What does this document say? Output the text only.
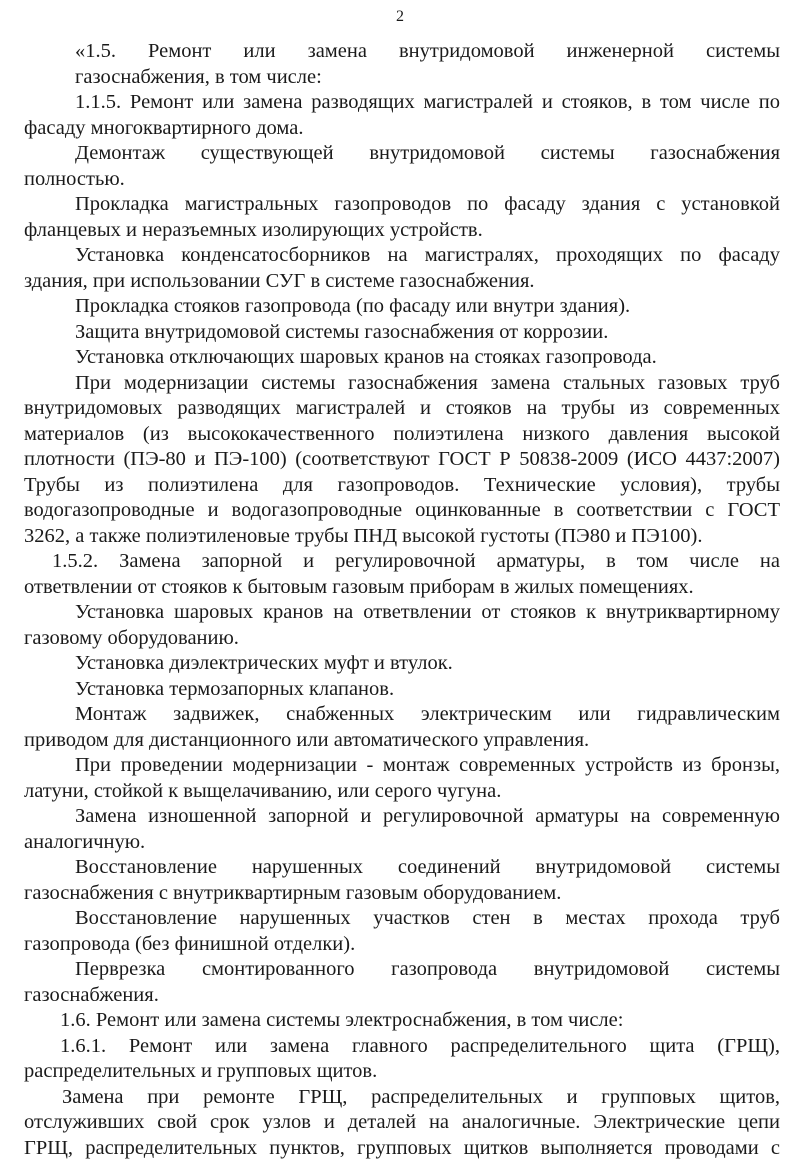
2
«1.5. Ремонт или замена внутридомовой инженерной системы
газоснабжения, в том числе:
1.1.5. Ремонт или замена разводящих магистралей и стояков, в том числе по
фасаду многоквартирного дома.
Демонтаж существующей внутридомовой системы газоснабжения
полностью.
Прокладка магистральных газопроводов по фасаду здания с установкой
фланцевых и неразъемных изолирующих устройств.
Установка конденсатосборников на магистралях, проходящих по фасаду
здания, при использовании СУГ в системе газоснабжения.
Прокладка стояков газопровода (по фасаду или внутри здания).
Защита внутридомовой системы газоснабжения от коррозии.
Установка отключающих шаровых кранов на стояках газопровода.
При модернизации системы газоснабжения замена стальных газовых труб
внутридомовых разводящих магистралей и стояков на трубы из современных
материалов (из высококачественного полиэтилена низкого давления высокой
плотности (ПЭ-80 и ПЭ-100) (соответствуют ГОСТ Р 50838-2009 (ИСО 4437:2007)
Трубы из полиэтилена для газопроводов. Технические условия), трубы
водогазопроводные и водогазопроводные оцинкованные в соответствии с ГОСТ
3262, а также полиэтиленовые трубы ПНД высокой густоты (ПЭ80 и ПЭ100).
1.5.2. Замена запорной и регулировочной арматуры, в том числе на
ответвлении от стояков к бытовым газовым приборам в жилых помещениях.
Установка шаровых кранов на ответвлении от стояков к внутриквартирному
газовому оборудованию.
Установка диэлектрических муфт и втулок.
Установка термозапорных клапанов.
Монтаж задвижек, снабженных электрическим или гидравлическим
приводом для дистанционного или автоматического управления.
При проведении модернизации - монтаж современных устройств из бронзы,
латуни, стойкой к выщелачиванию, или серого чугуна.
Замена изношенной запорной и регулировочной арматуры на современную
аналогичную.
Восстановление нарушенных соединений внутридомовой системы
газоснабжения с внутриквартирным газовым оборудованием.
Восстановление нарушенных участков стен в местах прохода труб
газопровода (без финишной отделки).
Перврезка смонтированного газопровода внутридомовой системы
газоснабжения.
1.6. Ремонт или замена системы электроснабжения, в том числе:
1.6.1. Ремонт или замена главного распределительного щита (ГРЩ),
распределительных и групповых щитов.
Замена при ремонте ГРЩ, распределительных и групповых щитов,
отслуживших свой срок узлов и деталей на аналогичные. Электрические цепи
ГРЩ, распределительных пунктов, групповых щитков выполняется проводами с
